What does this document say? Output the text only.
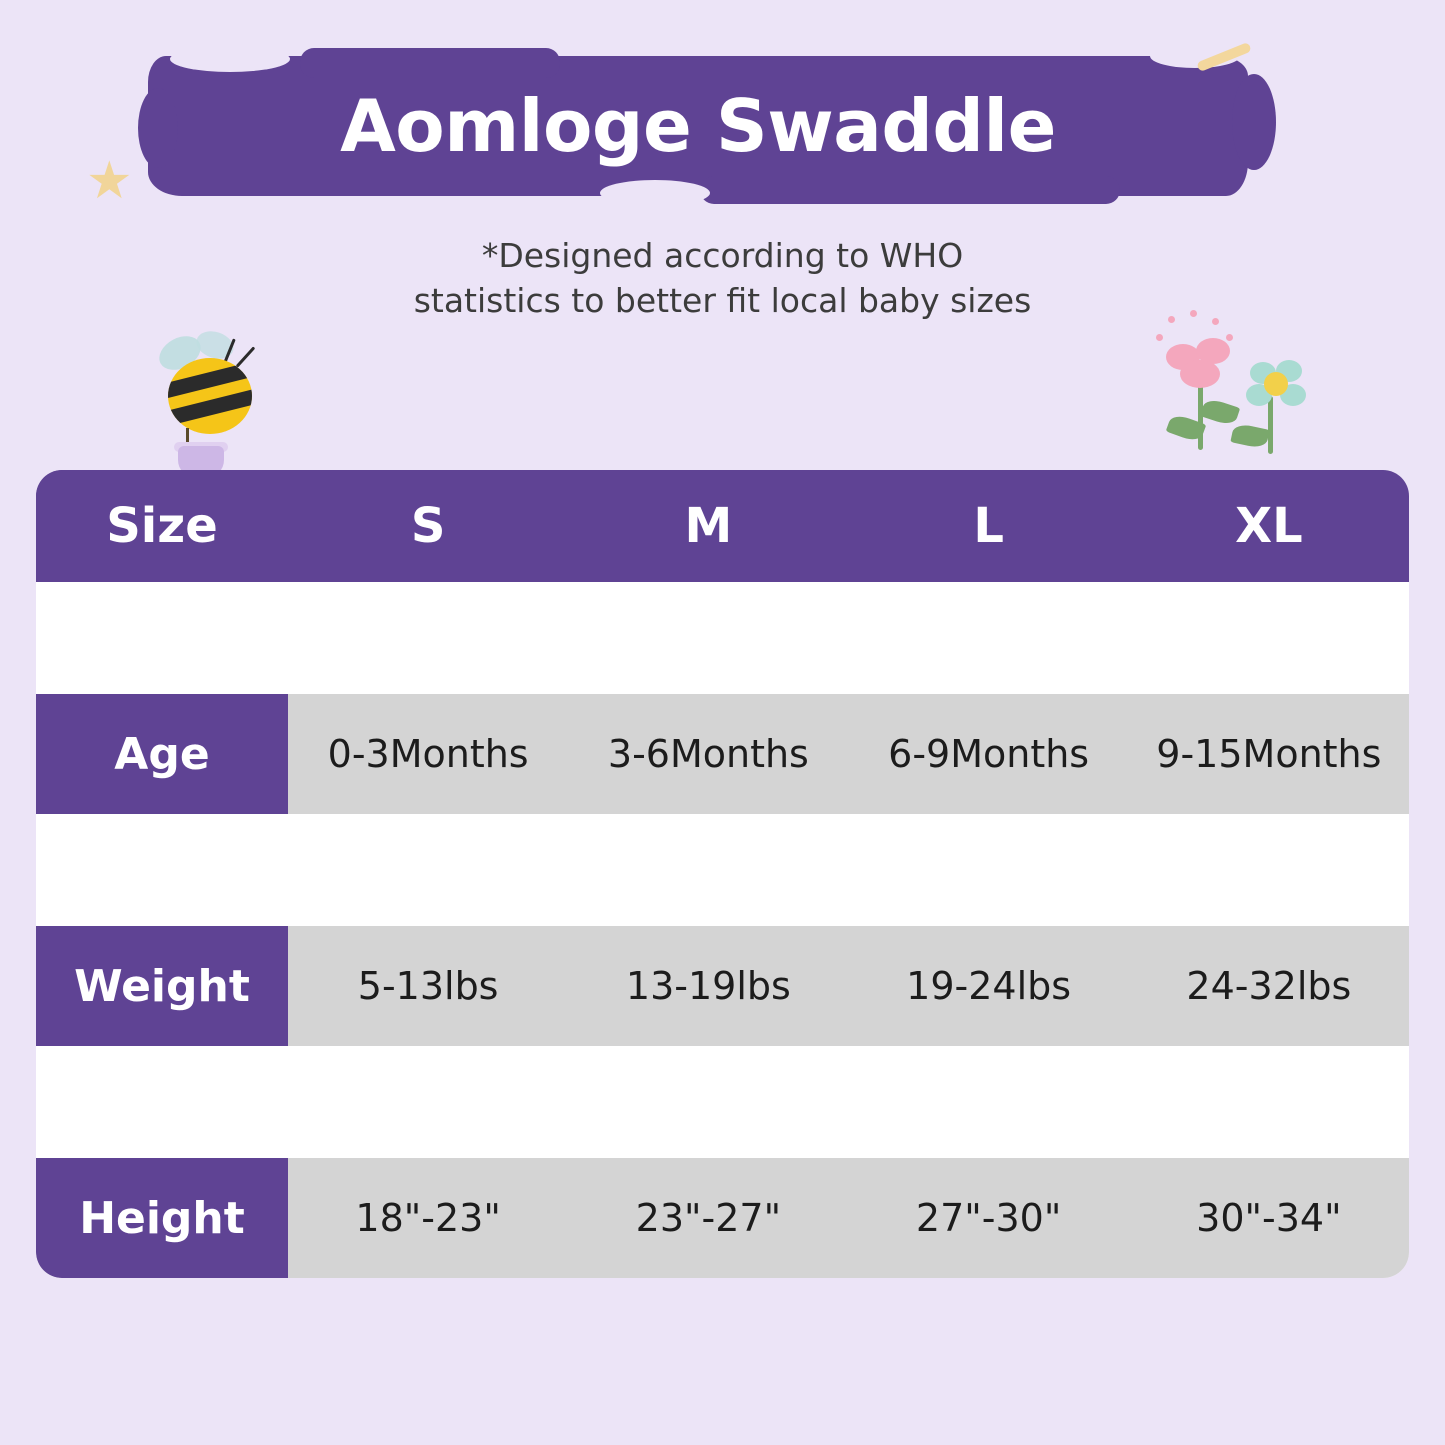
Aomloge Swaddle
★
*Designed according to WHO
statistics to better fit local baby sizes
Size	S	M	L	XL
Age	0-3Months	3-6Months	6-9Months	9-15Months
Weight	5-13lbs	13-19lbs	19-24lbs	24-32lbs
Height	18"-23"	23"-27"	27"-30"	30"-34"
